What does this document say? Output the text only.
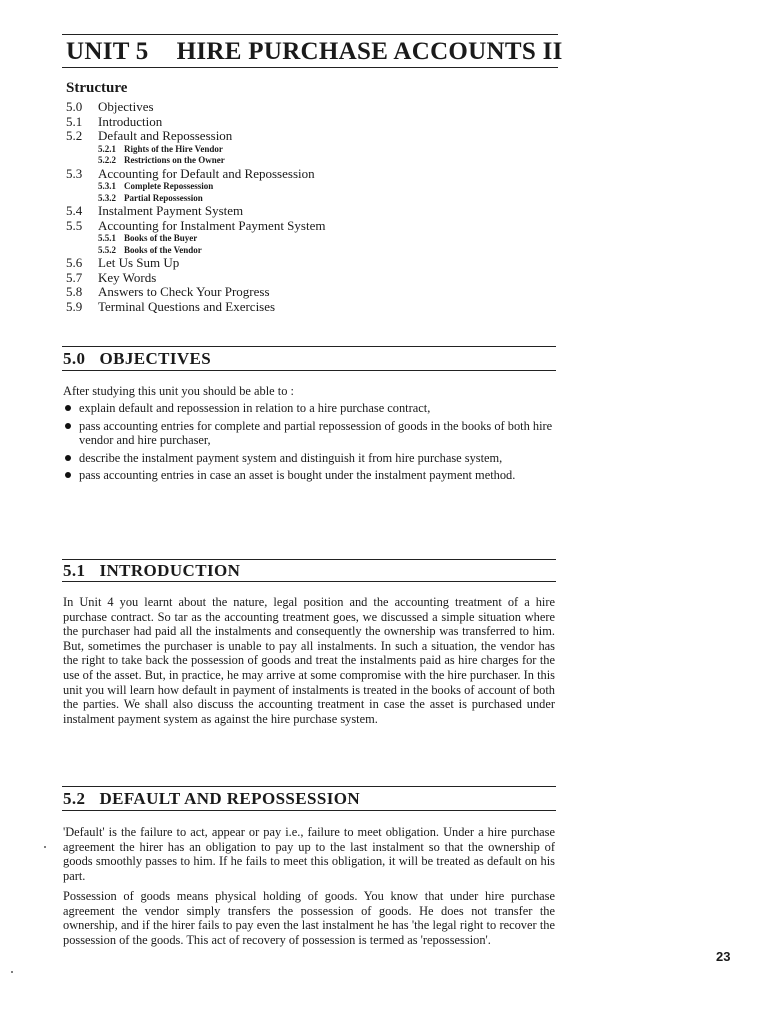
UNIT 5 HIRE PURCHASE ACCOUNTS II
Structure
5.0	Objectives
5.1	Introduction
5.2	Default and Repossession
5.2.1 Rights of the Hire Vendor
5.2.2 Restrictions on the Owner
5.3	Accounting for Default and Repossession
5.3.1 Complete Repossession
5.3.2 Partial Repossession
5.4	Instalment Payment System
5.5	Accounting for Instalment Payment System
5.5.1 Books of the Buyer
5.5.2 Books of the Vendor
5.6	Let Us Sum Up
5.7	Key Words
5.8	Answers to Check Your Progress
5.9	Terminal Questions and Exercises
5.0 OBJECTIVES

After studying this unit you should be able to :

explain default and repossession in relation to a hire purchase contract,
pass accounting entries for complete and partial repossession of goods in the books of both hire vendor and hire purchaser,
describe the instalment payment system and distinguish it from hire purchase system,
pass accounting entries in case an asset is bought under the instalment payment method.
5.1 INTRODUCTION

In Unit 4 you learnt about the nature, legal position and the accounting treatment of a hire purchase contract. So tar as the accounting treatment goes, we discussed a simple situation where the purchaser had paid all the instalments and consequently the ownership was transferred to him. But, sometimes the purchaser is unable to pay all instalments. In such a situation, the vendor has the right to take back the possession of goods and treat the instalments paid as hire charges for the use of the asset. But, in practice, he may arrive at some compromise with the hire purchaser. In this unit you will learn how default in payment of instalments is treated in the books of account of both the parties. We shall also discuss the accounting treatment in case the asset is purchased under instalment payment system as against the hire purchase system.

5.2 DEFAULT AND REPOSSESSION

'Default' is the failure to act, appear or pay i.e., failure to meet obligation. Under a hire purchase agreement the hirer has an obligation to pay up to the last instalment so that the ownership of goods smoothly passes to him. If he fails to meet this obligation, it will be treated as default on his part.

Possession of goods means physical holding of goods. You know that under hire purchase agreement the vendor simply transfers the possession of goods. He does not transfer the ownership, and if the hirer fails to pay even the last instalment he has 'the legal right to recover the possession of the goods. This act of recovery of possession is termed as 'repossession'.

23
